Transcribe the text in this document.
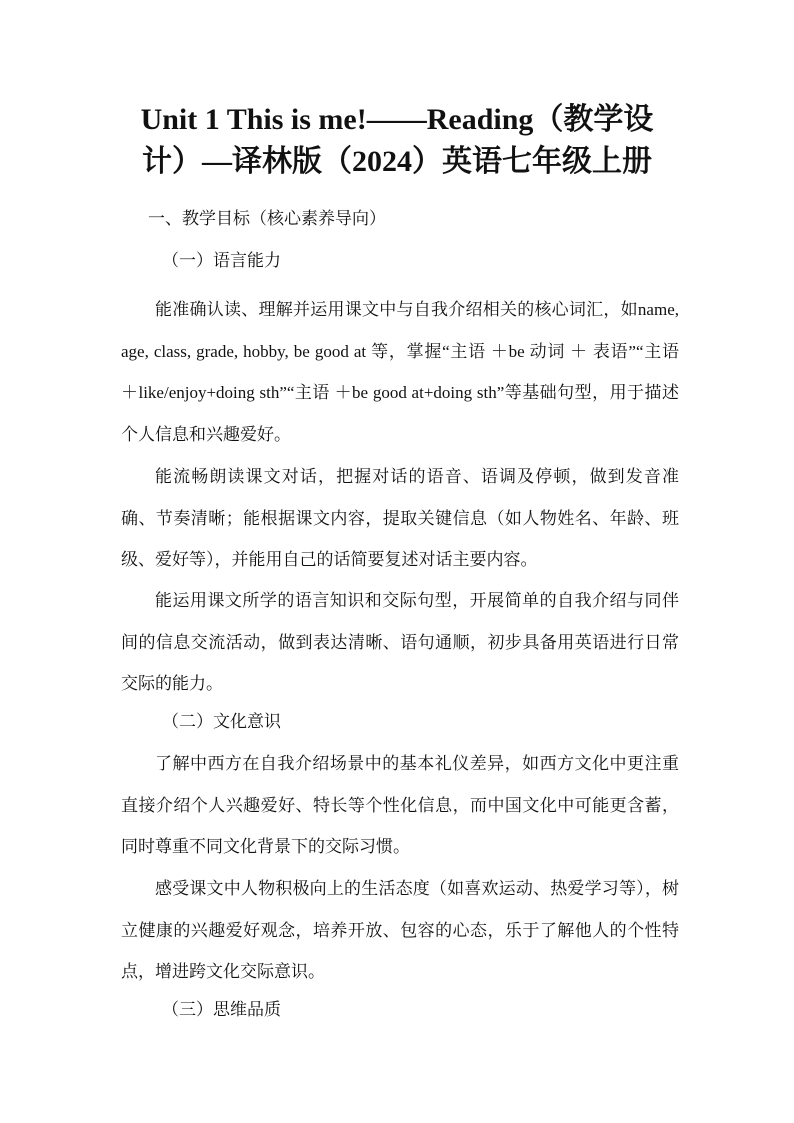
Unit 1 This is me!——Reading（教学设
计）—译林版（2024）英语七年级上册

一、教学目标（核心素养导向）

（一）语言能力

能准确认读、理解并运用课文中与自我介绍相关的核心词汇，如name, age, class, grade, hobby, be good at 等，掌握“主语 ＋be 动词 ＋ 表语”“主语 ＋like/enjoy+doing sth”“主语 ＋be good at+doing sth”等基础句型，用于描述个人信息和兴趣爱好。

能流畅朗读课文对话，把握对话的语音、语调及停顿，做到发音准确、节奏清晰；能根据课文内容，提取关键信息（如人物姓名、年龄、班级、爱好等），并能用自己的话简要复述对话主要内容。

能运用课文所学的语言知识和交际句型，开展简单的自我介绍与同伴间的信息交流活动，做到表达清晰、语句通顺，初步具备用英语进行日常交际的能力。

（二）文化意识

了解中西方在自我介绍场景中的基本礼仪差异，如西方文化中更注重直接介绍个人兴趣爱好、特长等个性化信息，而中国文化中可能更含蓄，同时尊重不同文化背景下的交际习惯。

感受课文中人物积极向上的生活态度（如喜欢运动、热爱学习等），树立健康的兴趣爱好观念，培养开放、包容的心态，乐于了解他人的个性特点，增进跨文化交际意识。

（三）思维品质
